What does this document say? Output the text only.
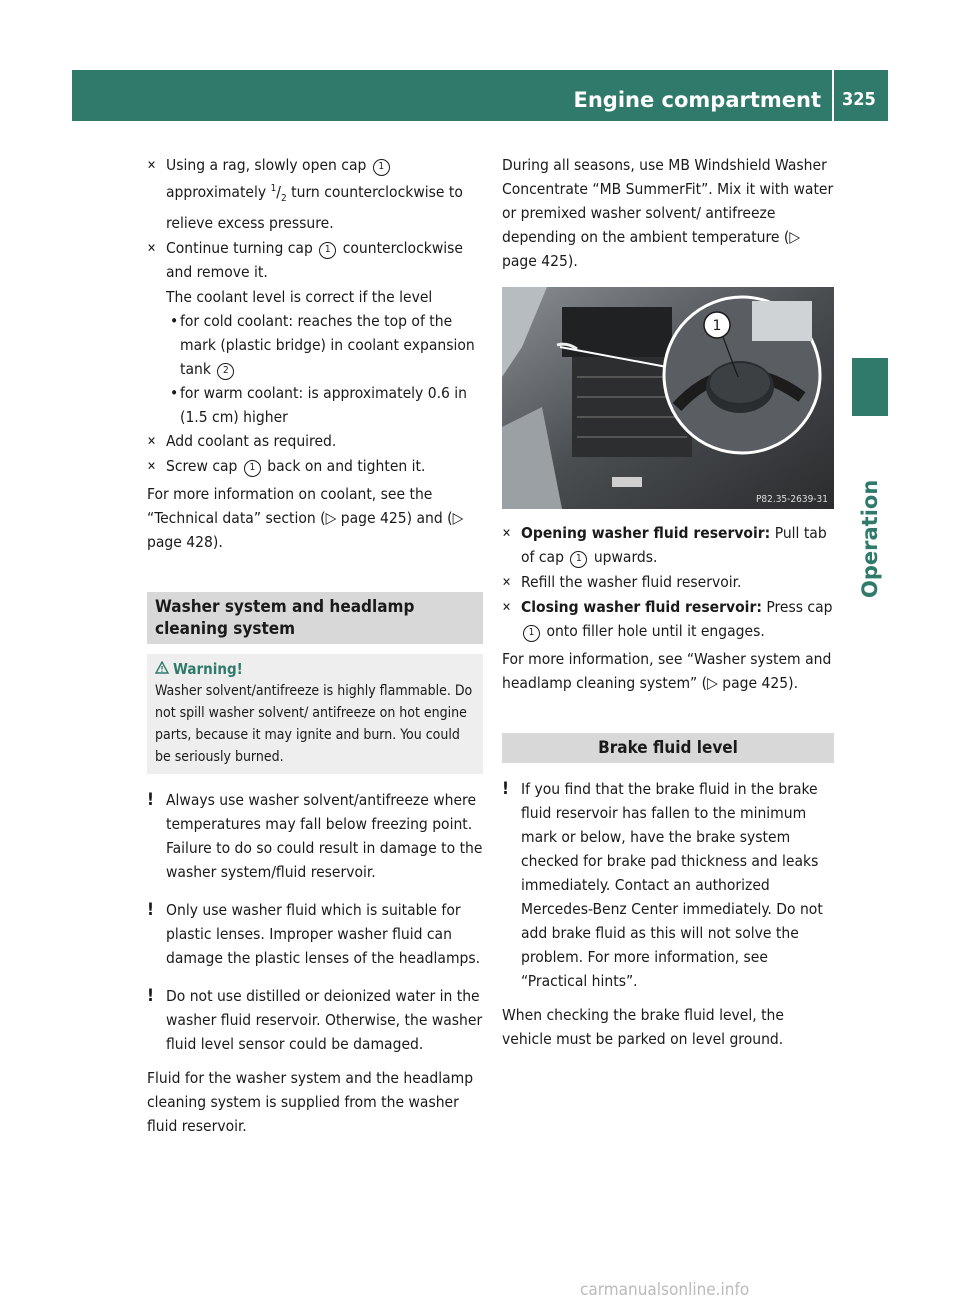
Engine compartment 325
Operation

✕ Using a rag, slowly open cap 1
approximately $^1/_2$ turn counterclockwise to relieve excess pressure.

✕ Continue turning cap 1 counterclockwise and remove it.

The coolant level is correct if the level

• for cold coolant: reaches the top of the mark (plastic bridge) in coolant expansion tank 2

• for warm coolant: is approximately 0.6 in (1.5 cm) higher

✕ Add coolant as required.

✕ Screw cap 1 back on and tighten it.

For more information on coolant, see the “Technical data” section (▷ page 425) and (▷ page 428).

Washer system and headlamp cleaning system
Warning!

Washer solvent/antifreeze is highly flammable. Do not spill washer solvent/ antifreeze on hot engine parts, because it may ignite and burn. You could be seriously burned.

! Always use washer solvent/antifreeze where temperatures may fall below freezing point. Failure to do so could result in damage to the washer system/fluid reservoir.

! Only use washer fluid which is suitable for plastic lenses. Improper washer fluid can damage the plastic lenses of the headlamps.

! Do not use distilled or deionized water in the washer fluid reservoir. Otherwise, the washer fluid level sensor could be damaged.

Fluid for the washer system and the headlamp cleaning system is supplied from the washer fluid reservoir.

During all seasons, use MB Windshield Washer Concentrate “MB SummerFit”. Mix it with water or premixed washer solvent/ antifreeze depending on the ambient temperature (▷ page 425).

1
P82.35-2639-31

✕ Opening washer fluid reservoir: Pull tab of cap 1 upwards.

✕ Refill the washer fluid reservoir.

✕ Closing washer fluid reservoir: Press cap 1 onto filler hole until it engages.

For more information, see “Washer system and headlamp cleaning system” (▷ page 425).

Brake fluid level

! If you find that the brake fluid in the brake fluid reservoir has fallen to the minimum mark or below, have the brake system checked for brake pad thickness and leaks immediately. Contact an authorized Mercedes-Benz Center immediately. Do not add brake fluid as this will not solve the problem. For more information, see “Practical hints”.

When checking the brake fluid level, the vehicle must be parked on level ground.

carmanualsonline.info
